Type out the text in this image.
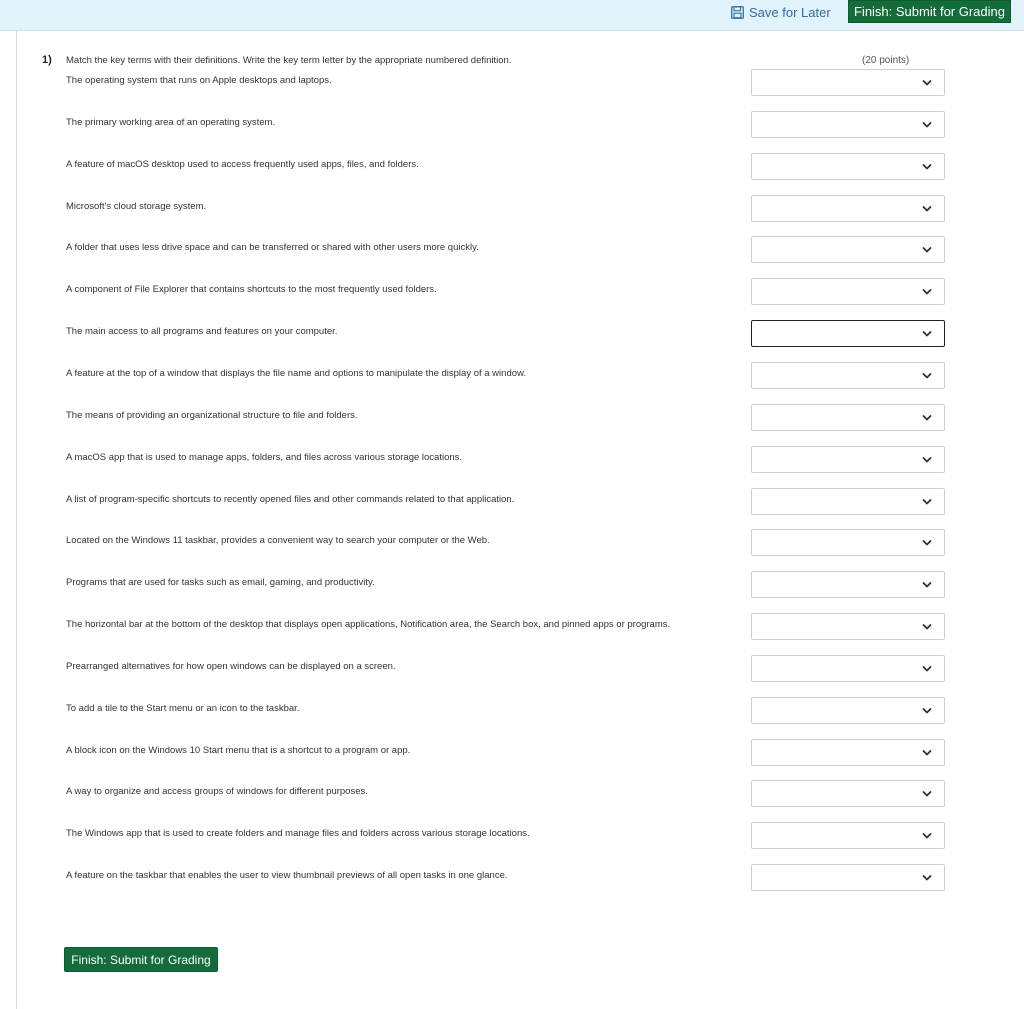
Save for Later	Finish: Submit for Grading
1) Match the key terms with their definitions. Write the key term letter by the appropriate numbered definition.	(20 points)
The operating system that runs on Apple desktops and laptops.
The primary working area of an operating system.
A feature of macOS desktop used to access frequently used apps, files, and folders.
Microsoft's cloud storage system.
A folder that uses less drive space and can be transferred or shared with other users more quickly.
A component of File Explorer that contains shortcuts to the most frequently used folders.
The main access to all programs and features on your computer.
A feature at the top of a window that displays the file name and options to manipulate the display of a window.
The means of providing an organizational structure to file and folders.
A macOS app that is used to manage apps, folders, and files across various storage locations.
A list of program-specific shortcuts to recently opened files and other commands related to that application.
Located on the Windows 11 taskbar, provides a convenient way to search your computer or the Web.
Programs that are used for tasks such as email, gaming, and productivity.
The horizontal bar at the bottom of the desktop that displays open applications, Notification area, the Search box, and pinned apps or programs.
Prearranged alternatives for how open windows can be displayed on a screen.
To add a tile to the Start menu or an icon to the taskbar.
A block icon on the Windows 10 Start menu that is a shortcut to a program or app.
A way to organize and access groups of windows for different purposes.
The Windows app that is used to create folders and manage files and folders across various storage locations.
A feature on the taskbar that enables the user to view thumbnail previews of all open tasks in one glance.
Finish: Submit for Grading
